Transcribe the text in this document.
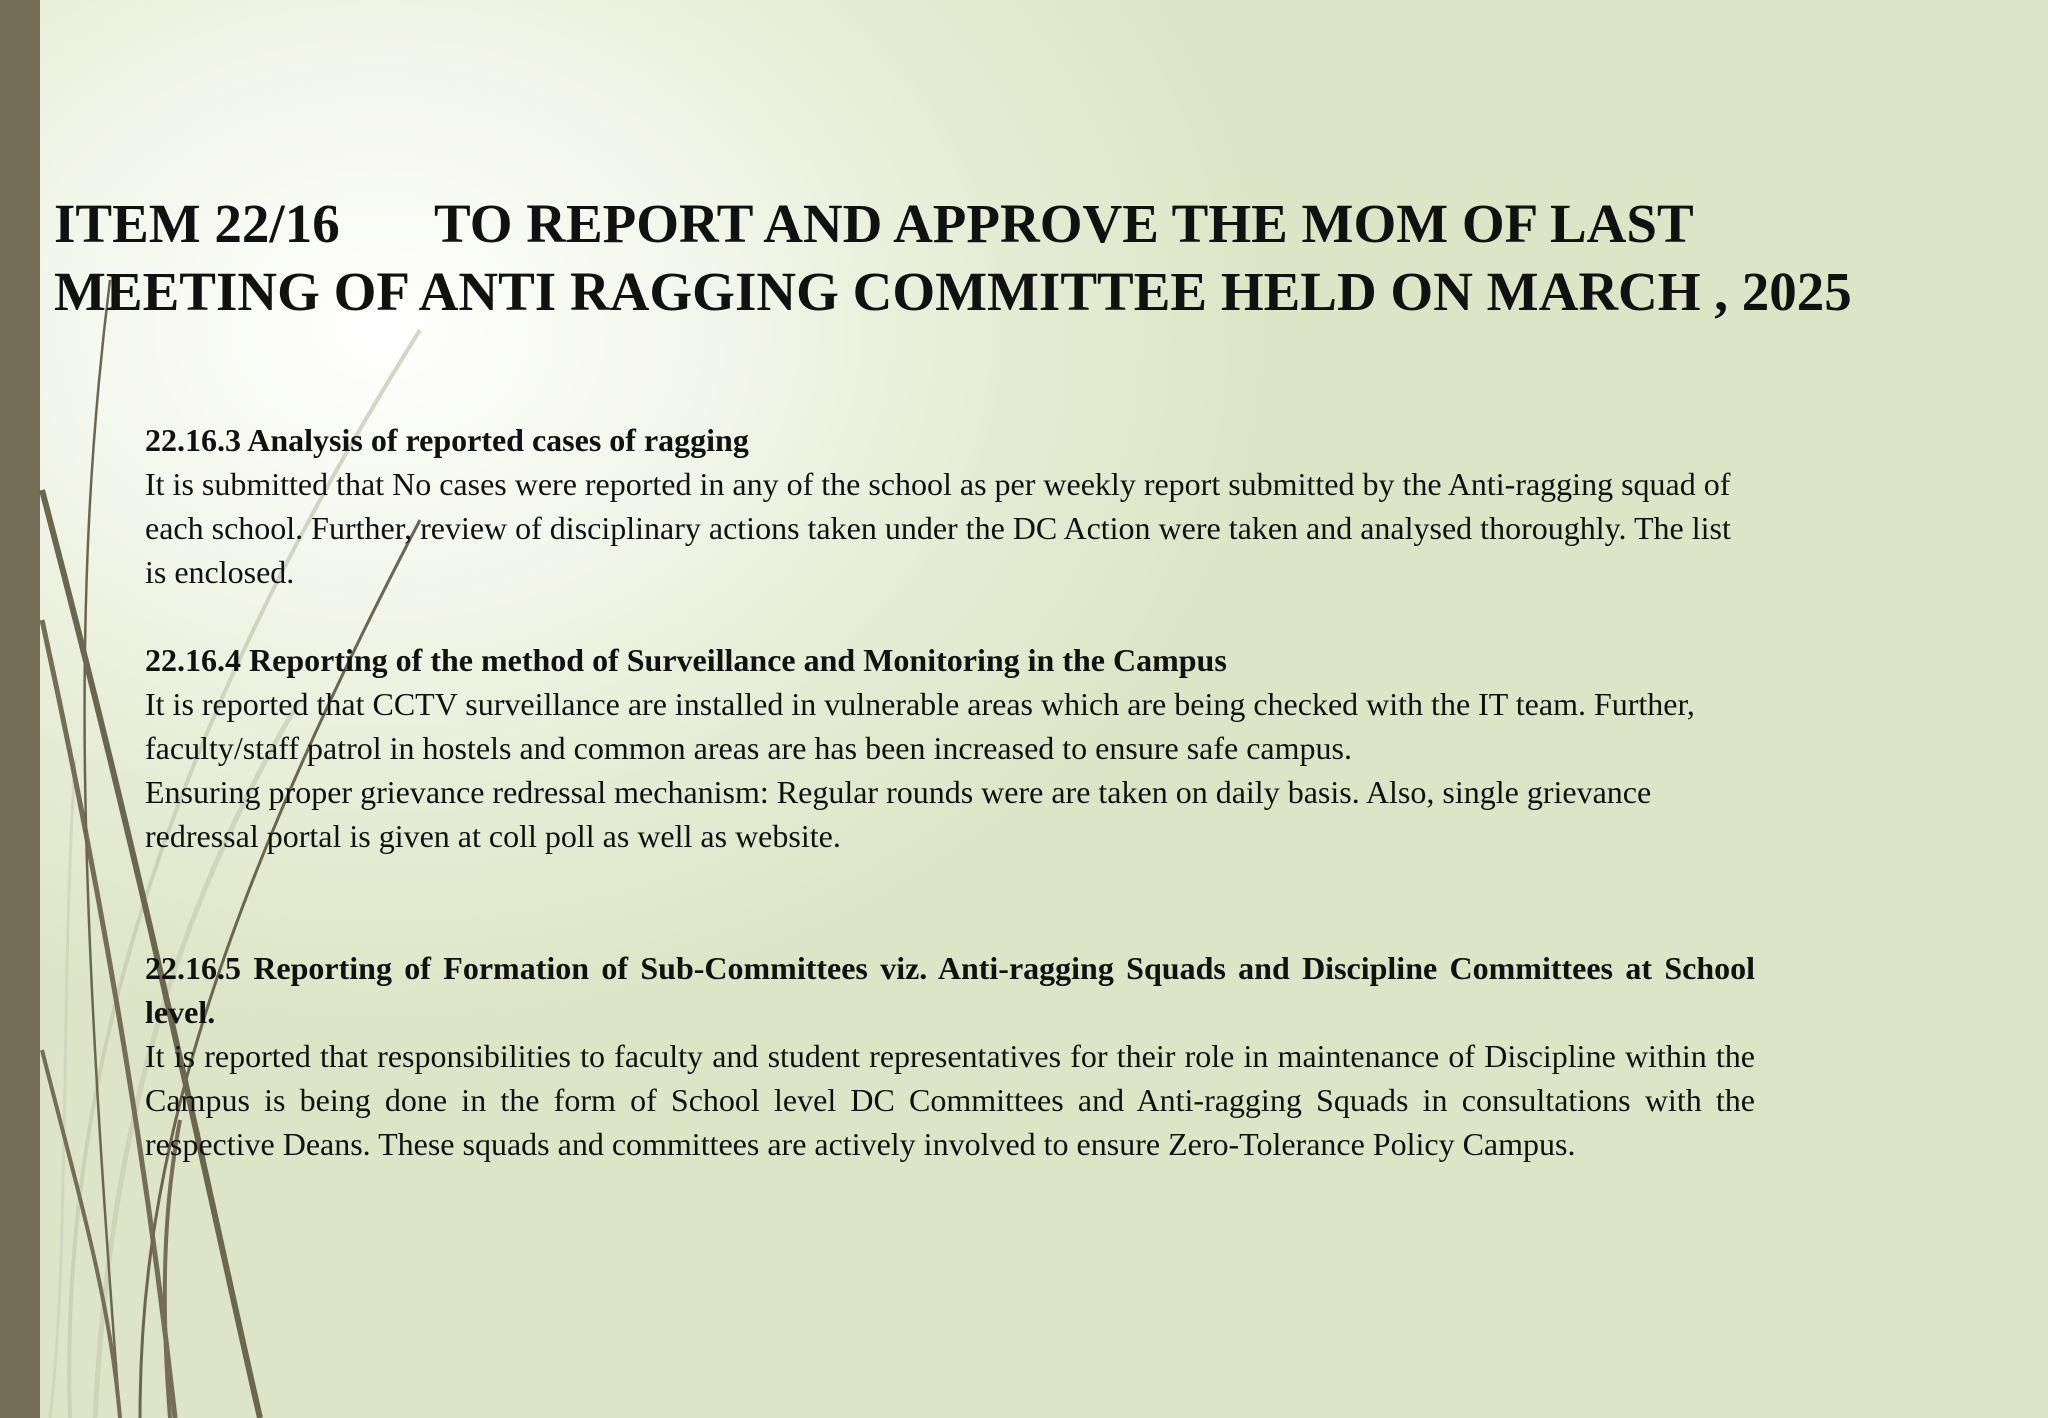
ITEM 22/16 TO REPORT AND APPROVE THE MOM OF LAST
MEETING OF ANTI RAGGING COMMITTEE HELD ON MARCH , 2025

22.16.3 Analysis of reported cases of ragging

It is submitted that No cases were reported in any of the school as per weekly report submitted by the Anti-ragging squad of each school. Further, review of disciplinary actions taken under the DC Action were taken and analysed thoroughly. The list is enclosed.

22.16.4 Reporting of the method of Surveillance and Monitoring in the Campus

It is reported that CCTV surveillance are installed in vulnerable areas which are being checked with the IT team. Further, faculty/staff patrol in hostels and common areas are has been increased to ensure safe campus.

Ensuring proper grievance redressal mechanism: Regular rounds were are taken on daily basis. Also, single grievance redressal portal is given at coll poll as well as website.

22.16.5 Reporting of Formation of Sub-Committees viz. Anti-ragging Squads and Discipline Committees at School level.

It is reported that responsibilities to faculty and student representatives for their role in maintenance of Discipline within the Campus is being done in the form of School level DC Committees and Anti-ragging Squads in consultations with the respective Deans. These squads and committees are actively involved to ensure Zero-Tolerance Policy Campus.
